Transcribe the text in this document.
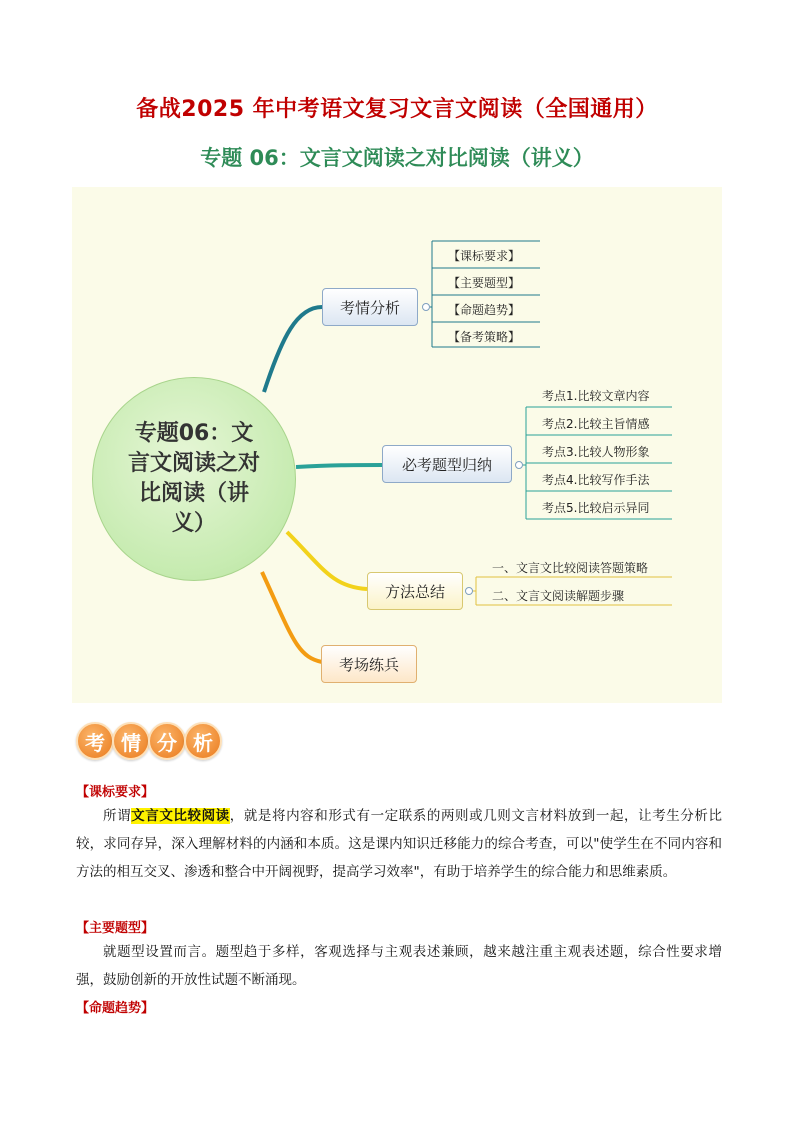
备战2025 年中考语文复习文言文阅读（全国通用）
专题 06：文言文阅读之对比阅读（讲义）
专题06：文言文阅读之对比阅读（讲义）
考情分析
必考题型归纳
方法总结
考场练兵
【课标要求】
【主要题型】
【命题趋势】
【备考策略】
考点1.比较文章内容
考点2.比较主旨情感
考点3.比较人物形象
考点4.比较写作手法
考点5.比较启示异同
一、文言文比较阅读答题策略
二、文言文阅读解题步骤
考 情 分 析
【课标要求】
所谓文言文比较阅读，就是将内容和形式有一定联系的两则或几则文言材料放到一起，让考生分析比较，求同存异，深入理解材料的内涵和本质。这是课内知识迁移能力的综合考查，可以"使学生在不同内容和方法的相互交叉、渗透和整合中开阔视野，提高学习效率"，有助于培养学生的综合能力和思维素质。
【主要题型】
就题型设置而言。题型趋于多样，客观选择与主观表述兼顾，越来越注重主观表述题，综合性要求增强，鼓励创新的开放性试题不断涌现。
【命题趋势】
